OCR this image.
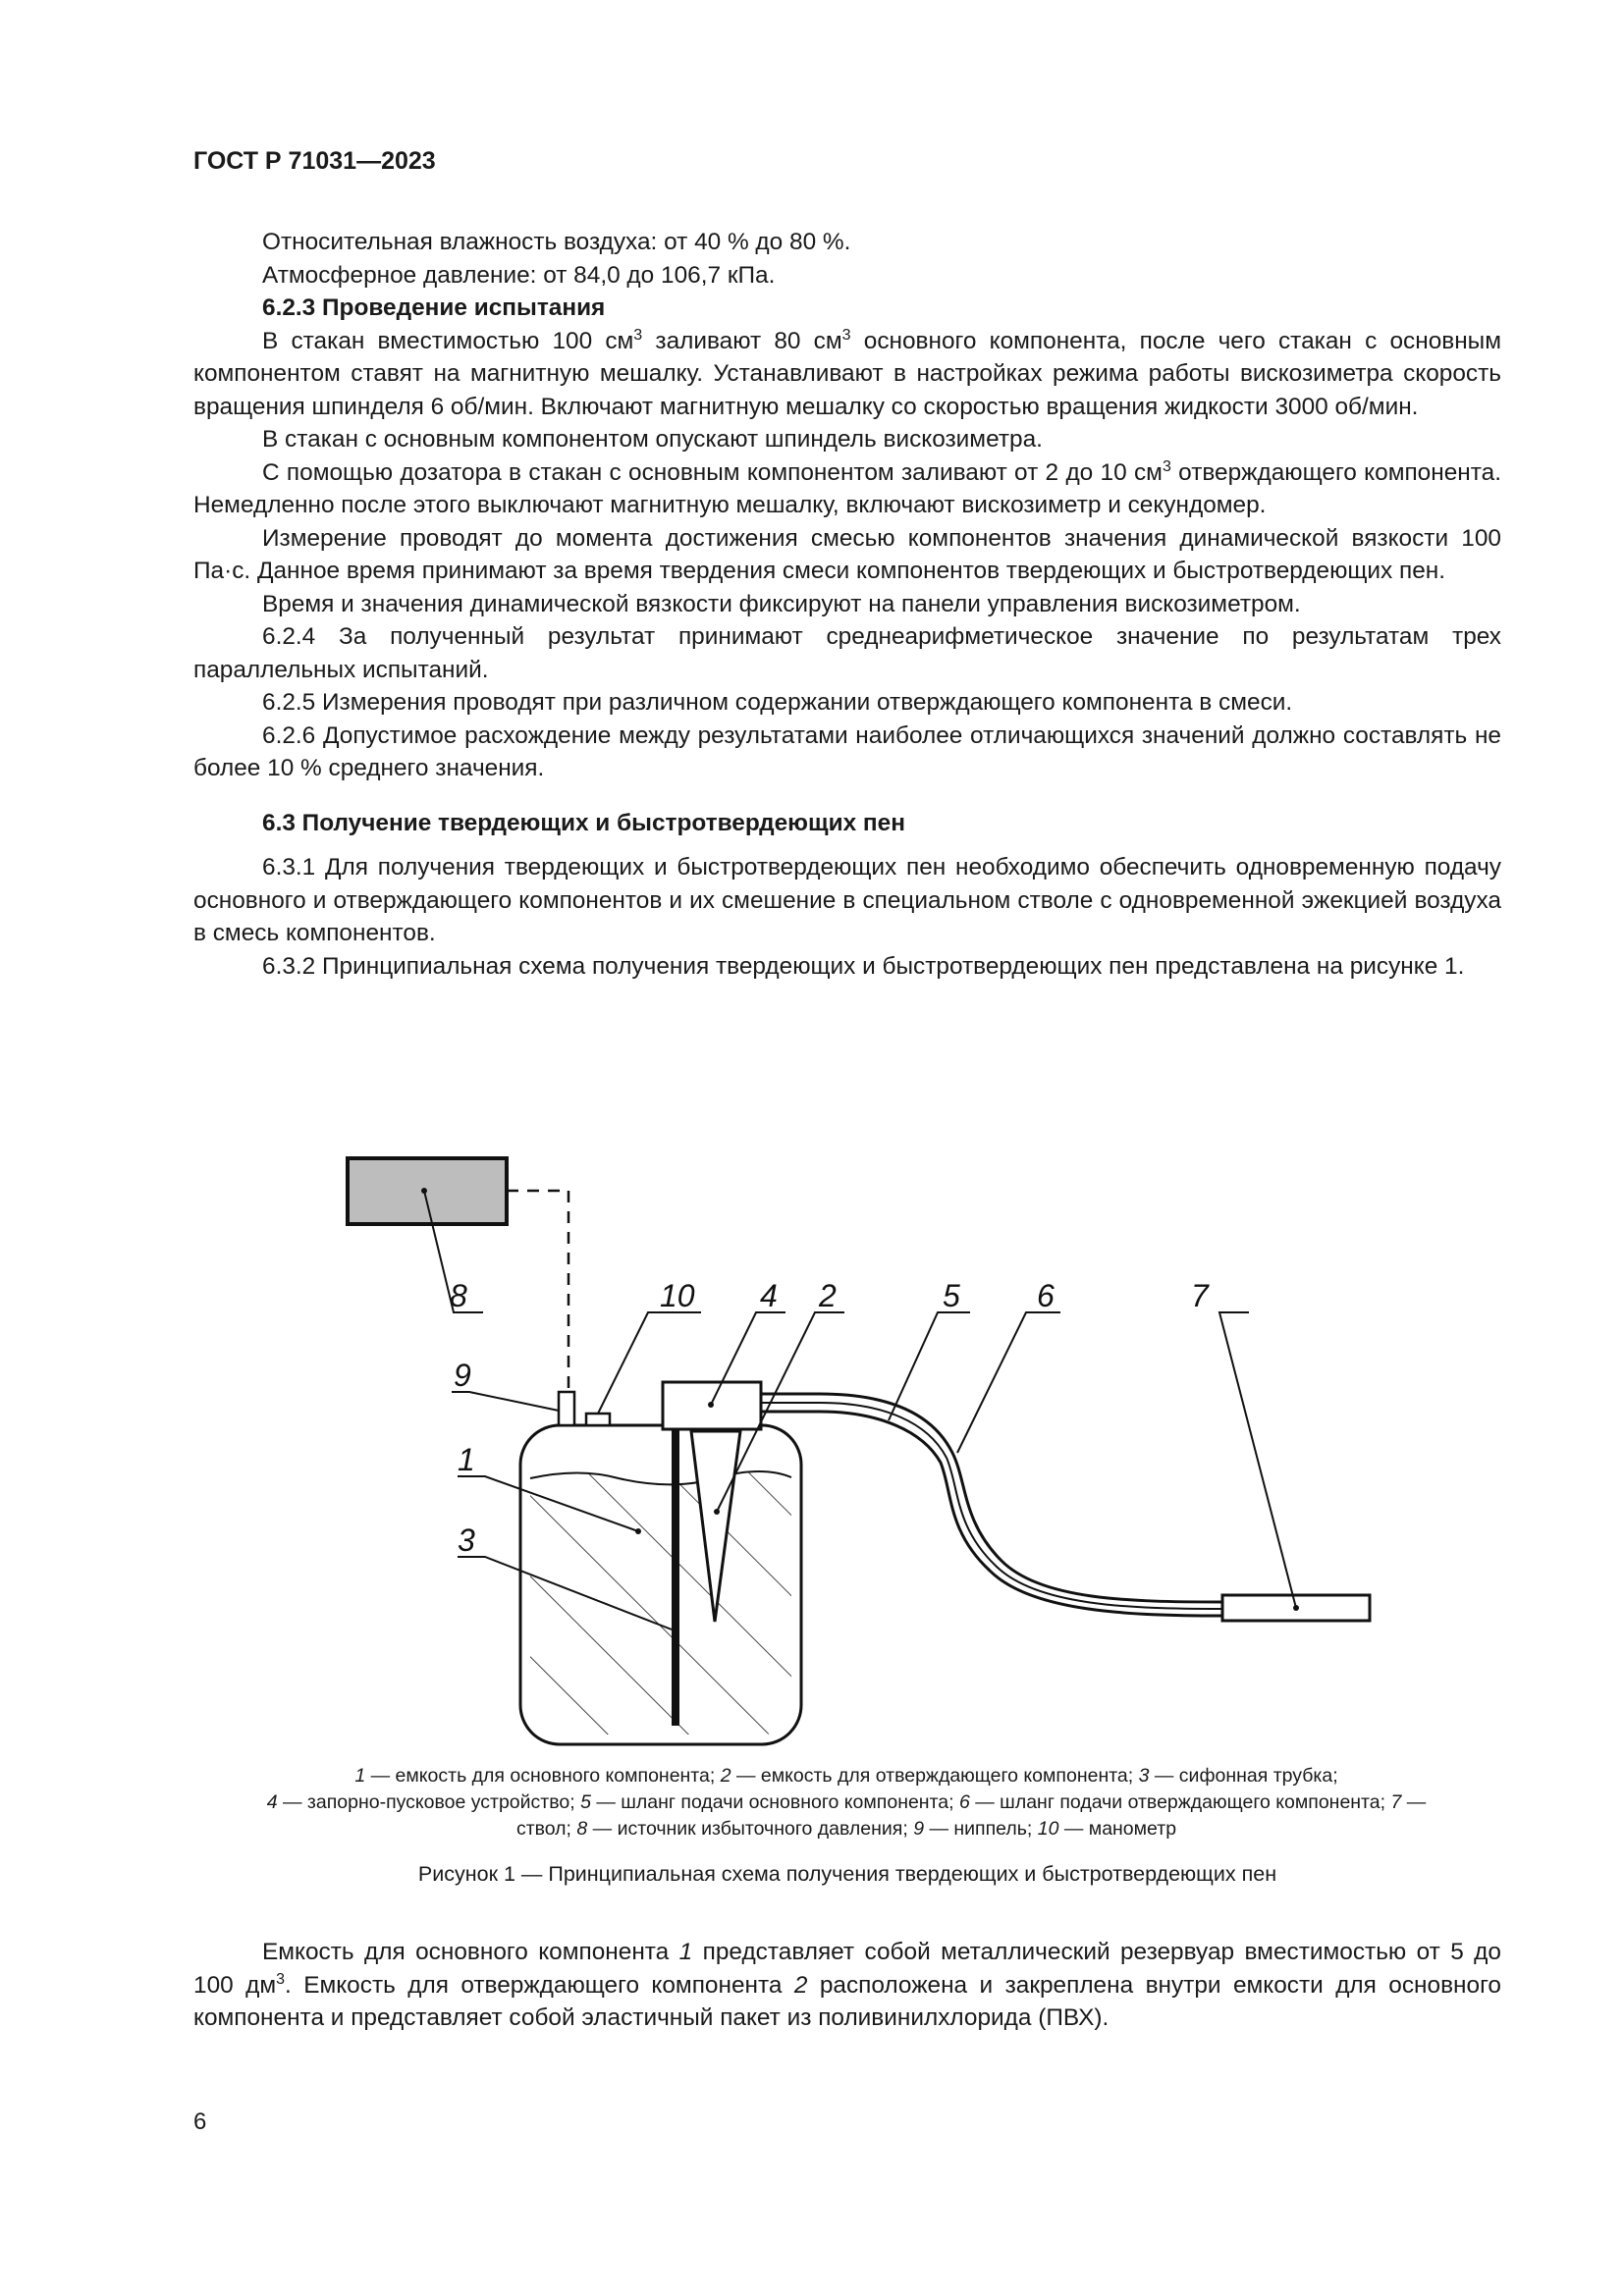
ГОСТ Р 71031—2023

Относительная влажность воздуха: от 40 % до 80 %.

Атмосферное давление: от 84,0 до 106,7 кПа.

6.2.3 Проведение испытания

В стакан вместимостью 100 $см^3$ заливают 80 $см^3$ основного компонента, после чего стакан с основным компонентом ставят на магнитную мешалку. Устанавливают в настройках режима работы вискозиметра скорость вращения шпинделя 6 об/мин. Включают магнитную мешалку со скоростью вращения жидкости 3000 об/мин.

В стакан с основным компонентом опускают шпиндель вискозиметра.

С помощью дозатора в стакан с основным компонентом заливают от 2 до 10 $см^3$ отверждающего компонента. Немедленно после этого выключают магнитную мешалку, включают вискозиметр и секундомер.

Измерение проводят до момента достижения смесью компонентов значения динамической вязкости 100 Па·с. Данное время принимают за время твердения смеси компонентов твердеющих и быстротвердеющих пен.

Время и значения динамической вязкости фиксируют на панели управления вискозиметром.

6.2.4 За полученный результат принимают среднеарифметическое значение по результатам трех параллельных испытаний.

6.2.5 Измерения проводят при различном содержании отверждающего компонента в смеси.

6.2.6 Допустимое расхождение между результатами наиболее отличающихся значений должно составлять не более 10 % среднего значения.

6.3 Получение твердеющих и быстротвердеющих пен

6.3.1 Для получения твердеющих и быстротвердеющих пен необходимо обеспечить одновременную подачу основного и отверждающего компонентов и их смешение в специальном стволе с одновременной эжекцией воздуха в смесь компонентов.

6.3.2 Принципиальная схема получения твердеющих и быстротвердеющих пен представлена на рисунке 1.

8	10 4 2	5 6	7
9
1
3
1 — емкость для основного компонента; 2 — емкость для отверждающего компонента; 3 — сифонная трубка;
4 — запорно-пусковое устройство; 5 — шланг подачи основного компонента; 6 — шланг подачи отверждающего компонента; 7 — ствол; 8 — источник избыточного давления; 9 — ниппель; 10 — манометр
Рисунок 1 — Принципиальная схема получения твердеющих и быстротвердеющих пен

Емкость для основного компонента 1 представляет собой металлический резервуар вместимостью от 5 до 100 $дм^3$. Емкость для отверждающего компонента 2 расположена и закреплена внутри емкости для основного компонента и представляет собой эластичный пакет из поливинилхлорида (ПВХ).

6
